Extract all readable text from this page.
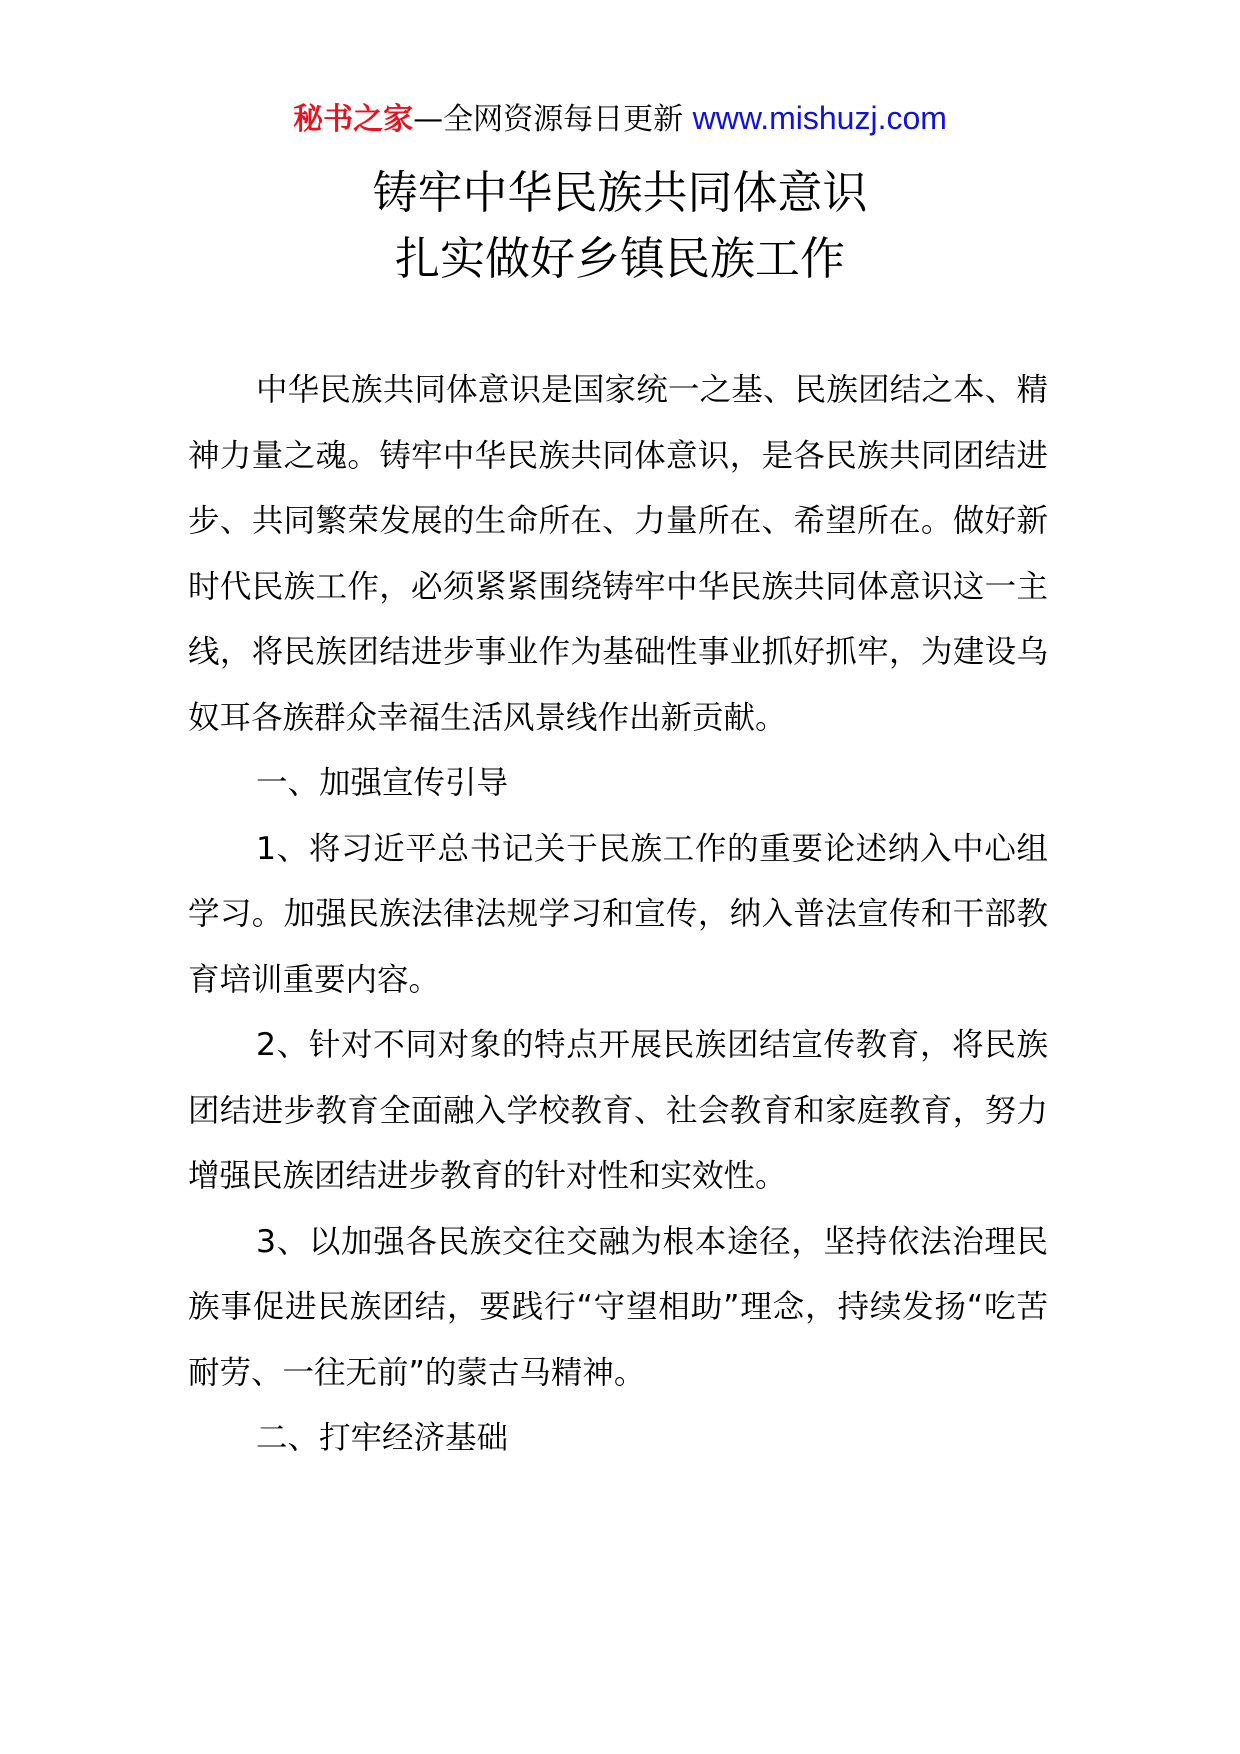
秘书之家—全网资源每日更新 www.mishuzj.com
铸牢中华民族共同体意识
扎实做好乡镇民族工作

中华民族共同体意识是国家统一之基、民族团结之本、精神力量之魂。铸牢中华民族共同体意识，是各民族共同团结进步、共同繁荣发展的生命所在、力量所在、希望所在。做好新时代民族工作，必须紧紧围绕铸牢中华民族共同体意识这一主线，将民族团结进步事业作为基础性事业抓好抓牢，为建设乌奴耳各族群众幸福生活风景线作出新贡献。

一、加强宣传引导

1、将习近平总书记关于民族工作的重要论述纳入中心组学习。加强民族法律法规学习和宣传，纳入普法宣传和干部教育培训重要内容。

2、针对不同对象的特点开展民族团结宣传教育，将民族团结进步教育全面融入学校教育、社会教育和家庭教育，努力增强民族团结进步教育的针对性和实效性。

3、以加强各民族交往交融为根本途径，坚持依法治理民族事促进民族团结，要践行“守望相助”理念，持续发扬“吃苦耐劳、一往无前”的蒙古马精神。

二、打牢经济基础
